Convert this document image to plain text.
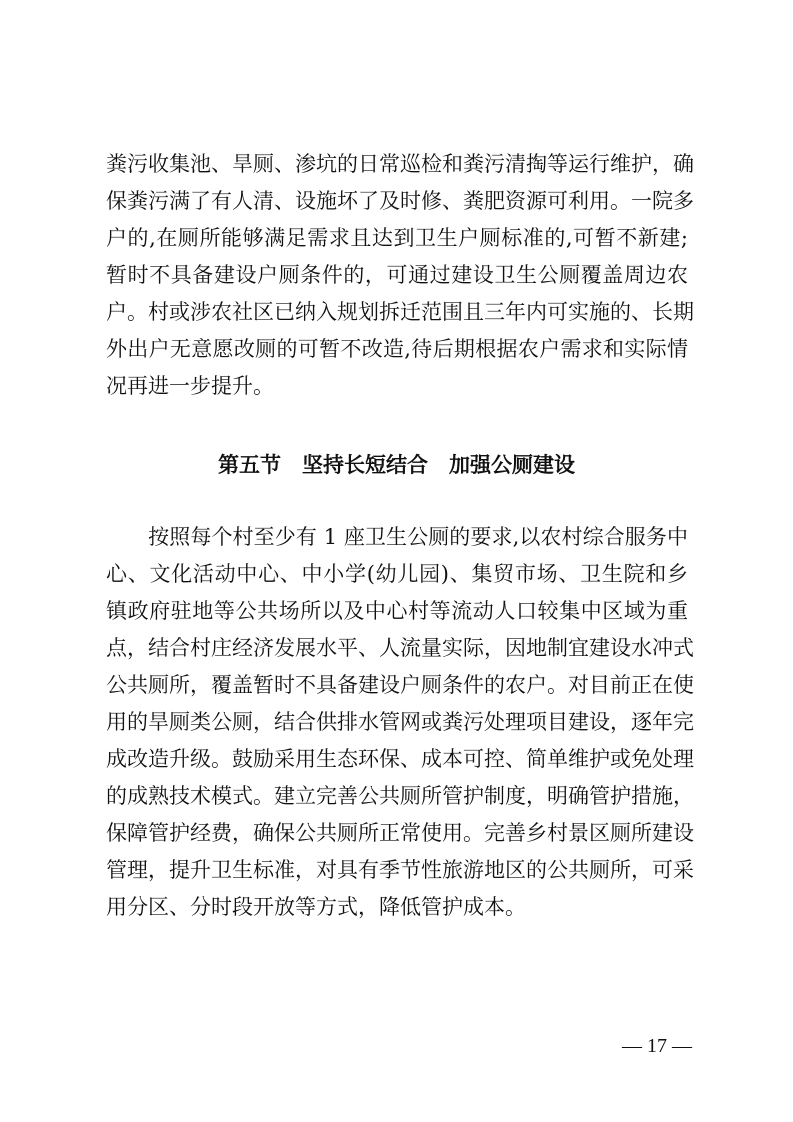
粪污收集池、旱厕、渗坑的日常巡检和粪污清掏等运行维护，确
保粪污满了有人清、设施坏了及时修、粪肥资源可利用。一院多
户的,在厕所能够满足需求且达到卫生户厕标准的,可暂不新建;
暂时不具备建设户厕条件的，可通过建设卫生公厕覆盖周边农
户。村或涉农社区已纳入规划拆迁范围且三年内可实施的、长期
外出户无意愿改厕的可暂不改造,待后期根据农户需求和实际情
况再进一步提升。
第五节　坚持长短结合　加强公厕建设
　　按照每个村至少有 1 座卫生公厕的要求,以农村综合服务中
心、文化活动中心、中小学(幼儿园)、集贸市场、卫生院和乡
镇政府驻地等公共场所以及中心村等流动人口较集中区域为重
点，结合村庄经济发展水平、人流量实际，因地制宜建设水冲式
公共厕所，覆盖暂时不具备建设户厕条件的农户。对目前正在使
用的旱厕类公厕，结合供排水管网或粪污处理项目建设，逐年完
成改造升级。鼓励采用生态环保、成本可控、简单维护或免处理
的成熟技术模式。建立完善公共厕所管护制度，明确管护措施，
保障管护经费，确保公共厕所正常使用。完善乡村景区厕所建设
管理，提升卫生标准，对具有季节性旅游地区的公共厕所，可采
用分区、分时段开放等方式，降低管护成本。
— 17 —
